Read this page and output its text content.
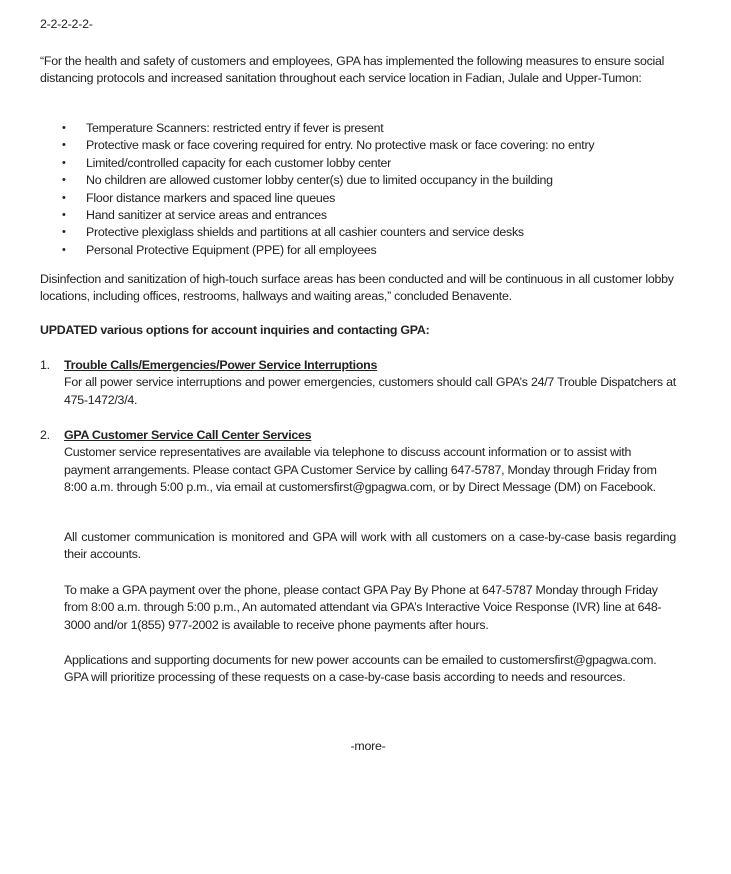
2-2-2-2-2-
“For the health and safety of customers and employees, GPA has implemented the following measures to ensure social distancing protocols and increased sanitation throughout each service location in Fadian, Julale and Upper-Tumon:
• Temperature Scanners: restricted entry if fever is present
• Protective mask or face covering required for entry. No protective mask or face covering: no entry
• Limited/controlled capacity for each customer lobby center
• No children are allowed customer lobby center(s) due to limited occupancy in the building
• Floor distance markers and spaced line queues
• Hand sanitizer at service areas and entrances
• Protective plexiglass shields and partitions at all cashier counters and service desks
• Personal Protective Equipment (PPE) for all employees
Disinfection and sanitization of high-touch surface areas has been conducted and will be continuous in all customer lobby locations, including offices, restrooms, hallways and waiting areas,” concluded Benavente.
UPDATED various options for account inquiries and contacting GPA:
1. Trouble Calls/Emergencies/Power Service Interruptions
For all power service interruptions and power emergencies, customers should call GPA’s 24/7 Trouble Dispatchers at 475-1472/3/4.
2. GPA Customer Service Call Center Services
Customer service representatives are available via telephone to discuss account information or to assist with payment arrangements. Please contact GPA Customer Service by calling 647-5787, Monday through Friday from 8:00 a.m. through 5:00 p.m., via email at customersfirst@gpagwa.com, or by Direct Message (DM) on Facebook.

All customer communication is monitored and GPA will work with all customers on a case-by-case basis regarding their accounts.

To make a GPA payment over the phone, please contact GPA Pay By Phone at 647-5787 Monday through Friday from 8:00 a.m. through 5:00 p.m., An automated attendant via GPA’s Interactive Voice Response (IVR) line at 648-3000 and/or 1(855) 977-2002 is available to receive phone payments after hours.

Applications and supporting documents for new power accounts can be emailed to customersfirst@gpagwa.com. GPA will prioritize processing of these requests on a case-by-case basis according to needs and resources.

-more-
